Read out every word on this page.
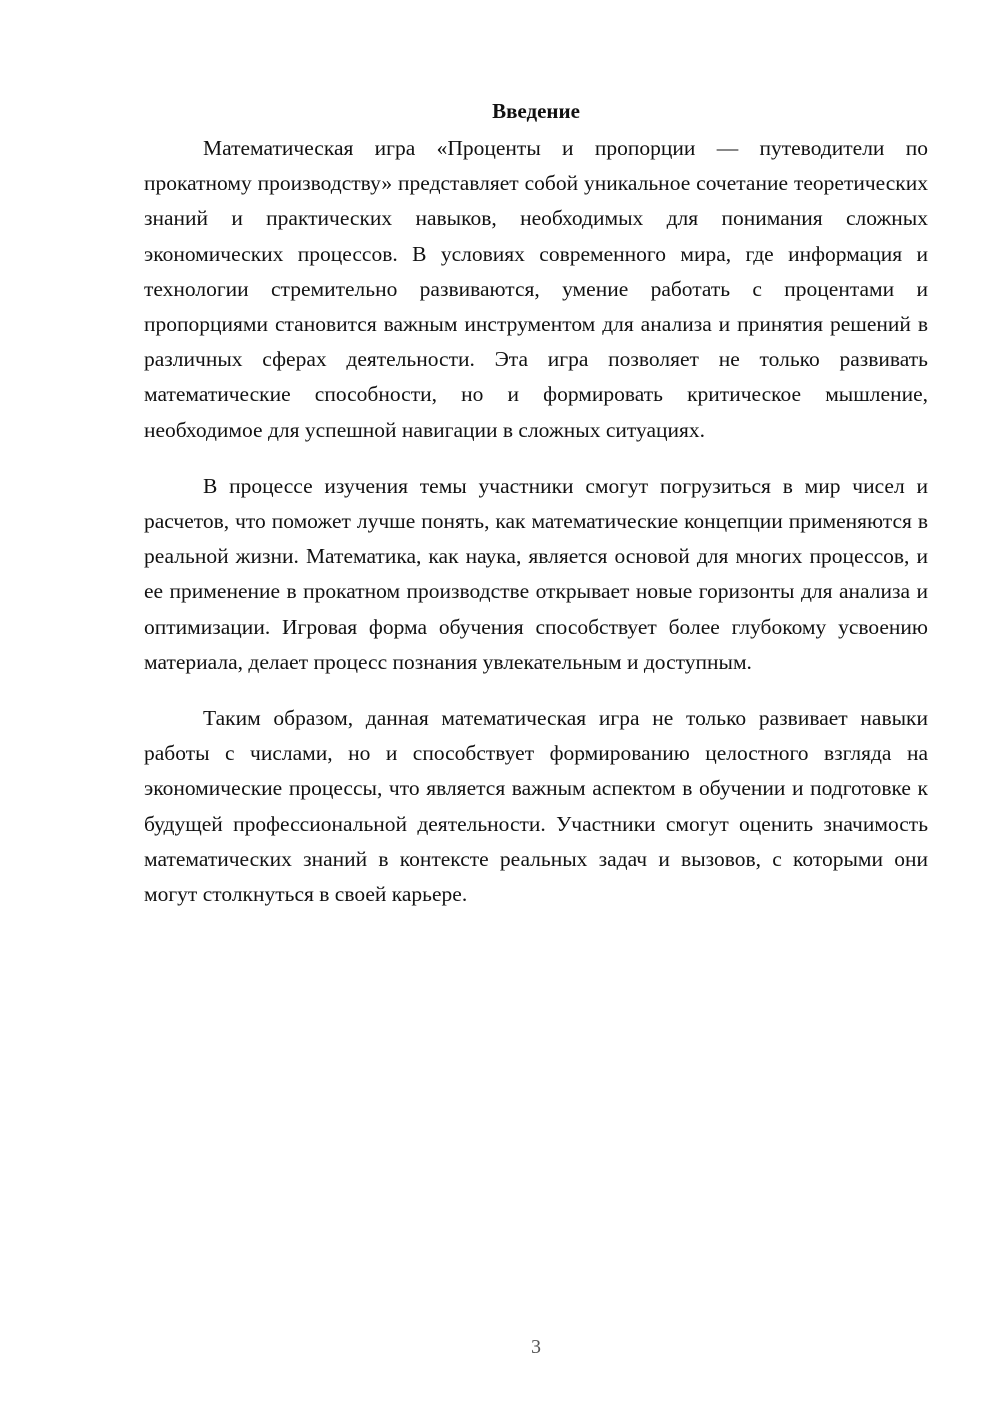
Введение

Математическая игра «Проценты и пропорции — путеводители по прокатному производству» представляет собой уникальное сочетание теоретических знаний и практических навыков, необходимых для понимания сложных экономических процессов. В условиях современного мира, где информация и технологии стремительно развиваются, умение работать с процентами и пропорциями становится важным инструментом для анализа и принятия решений в различных сферах деятельности. Эта игра позволяет не только развивать математические способности, но и формировать критическое мышление, необходимое для успешной навигации в сложных ситуациях.

В процессе изучения темы участники смогут погрузиться в мир чисел и расчетов, что поможет лучше понять, как математические концепции применяются в реальной жизни. Математика, как наука, является основой для многих процессов, и ее применение в прокатном производстве открывает новые горизонты для анализа и оптимизации. Игровая форма обучения способствует более глубокому усвоению материала, делает процесс познания увлекательным и доступным.

Таким образом, данная математическая игра не только развивает навыки работы с числами, но и способствует формированию целостного взгляда на экономические процессы, что является важным аспектом в обучении и подготовке к будущей профессиональной деятельности. Участники смогут оценить значимость математических знаний в контексте реальных задач и вызовов, с которыми они могут столкнуться в своей карьере.

3
